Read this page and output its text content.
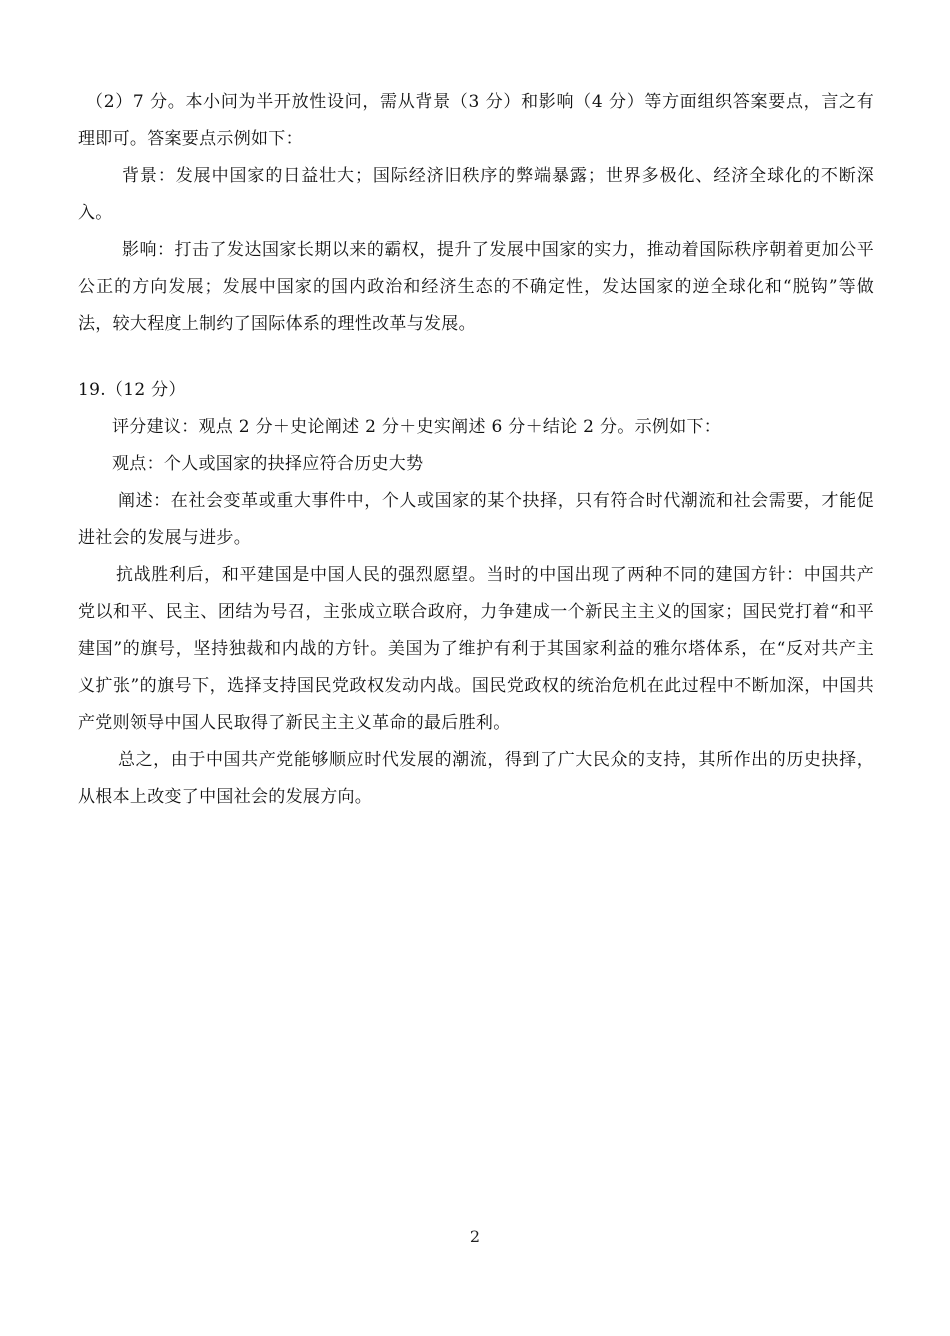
（2）7 分。本小问为半开放性设问，需从背景（3 分）和影响（4 分）等方面组织答案要点，言之有理即可。答案要点示例如下：

背景：发展中国家的日益壮大；国际经济旧秩序的弊端暴露；世界多极化、经济全球化的不断深入。

影响：打击了发达国家长期以来的霸权，提升了发展中国家的实力，推动着国际秩序朝着更加公平公正的方向发展；发展中国家的国内政治和经济生态的不确定性，发达国家的逆全球化和“脱钩”等做法，较大程度上制约了国际体系的理性改革与发展。

19.（12 分）

评分建议：观点 2 分＋史论阐述 2 分＋史实阐述 6 分＋结论 2 分。示例如下：

观点：个人或国家的抉择应符合历史大势

阐述：在社会变革或重大事件中，个人或国家的某个抉择，只有符合时代潮流和社会需要，才能促进社会的发展与进步。

抗战胜利后，和平建国是中国人民的强烈愿望。当时的中国出现了两种不同的建国方针：中国共产党以和平、民主、团结为号召，主张成立联合政府，力争建成一个新民主主义的国家；国民党打着“和平建国”的旗号，坚持独裁和内战的方针。美国为了维护有利于其国家利益的雅尔塔体系，在“反对共产主义扩张”的旗号下，选择支持国民党政权发动内战。国民党政权的统治危机在此过程中不断加深，中国共产党则领导中国人民取得了新民主主义革命的最后胜利。

总之，由于中国共产党能够顺应时代发展的潮流，得到了广大民众的支持，其所作出的历史抉择，从根本上改变了中国社会的发展方向。

2
